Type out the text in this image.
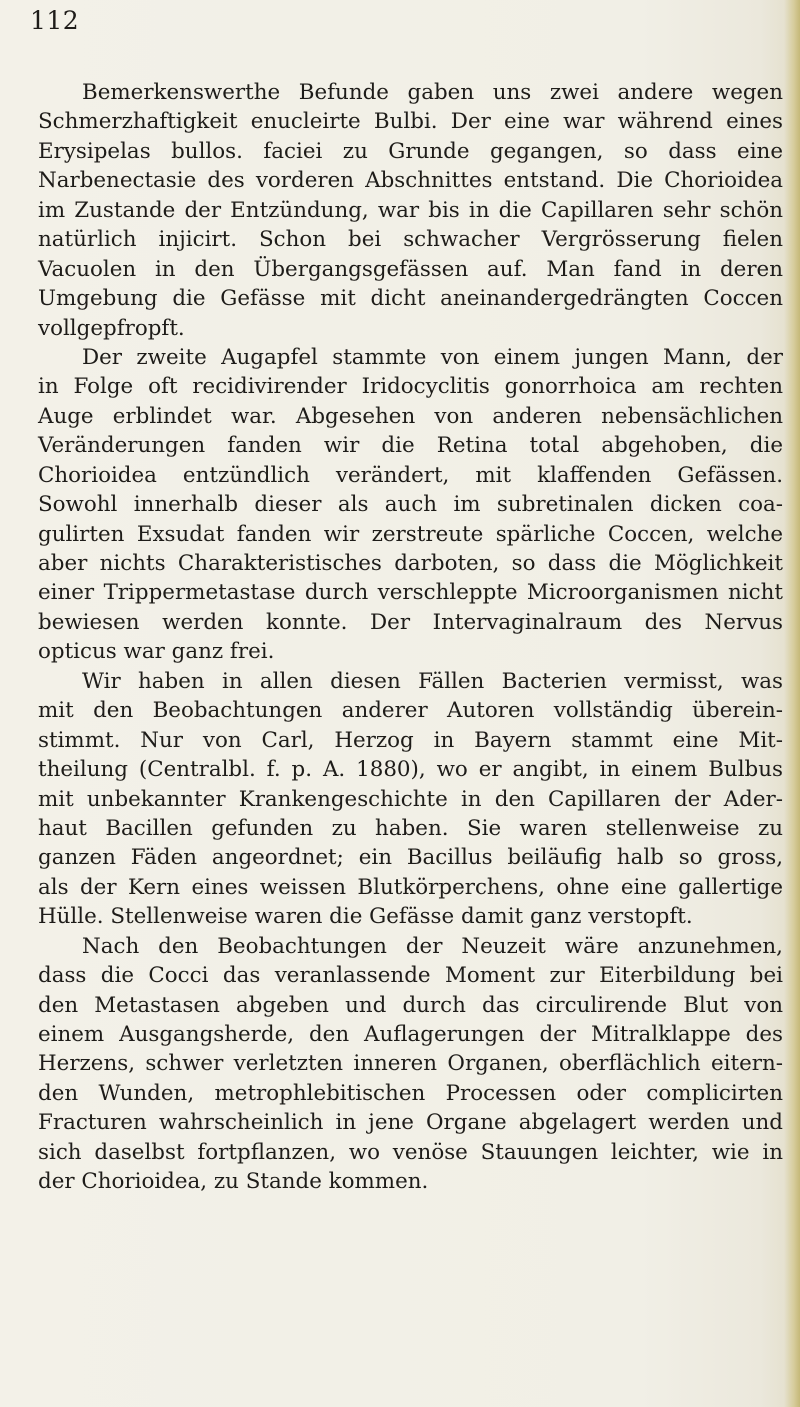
112

Bemerkenswerthe Befunde gaben uns zwei andere wegen
Schmerzhaftigkeit enucleirte Bulbi. Der eine war während eines
Erysipelas bullos. faciei zu Grunde gegangen, so dass eine
Narbenectasie des vorderen Abschnittes entstand. Die Chorioidea
im Zustande der Entzündung, war bis in die Capillaren sehr schön
natürlich injicirt. Schon bei schwacher Vergrösserung fielen
Vacuolen in den Übergangsgefässen auf. Man fand in deren
Umgebung die Gefässe mit dicht aneinandergedrängten Coccen
vollgepfropft.
Der zweite Augapfel stammte von einem jungen Mann, der
in Folge oft recidivirender Iridocyclitis gonorrhoica am rechten
Auge erblindet war. Abgesehen von anderen nebensächlichen
Veränderungen fanden wir die Retina total abgehoben, die
Chorioidea entzündlich verändert, mit klaffenden Gefässen.
Sowohl innerhalb dieser als auch im subretinalen dicken coa-
gulirten Exsudat fanden wir zerstreute spärliche Coccen, welche
aber nichts Charakteristisches darboten, so dass die Möglichkeit
einer Trippermetastase durch verschleppte Microorganismen nicht
bewiesen werden konnte. Der Intervaginalraum des Nervus
opticus war ganz frei.
Wir haben in allen diesen Fällen Bacterien vermisst, was
mit den Beobachtungen anderer Autoren vollständig überein-
stimmt. Nur von Carl, Herzog in Bayern stammt eine Mit-
theilung (Centralbl. f. p. A. 1880), wo er angibt, in einem Bulbus
mit unbekannter Krankengeschichte in den Capillaren der Ader-
haut Bacillen gefunden zu haben. Sie waren stellenweise zu
ganzen Fäden angeordnet; ein Bacillus beiläufig halb so gross,
als der Kern eines weissen Blutkörperchens, ohne eine gallertige
Hülle. Stellenweise waren die Gefässe damit ganz verstopft.
Nach den Beobachtungen der Neuzeit wäre anzunehmen,
dass die Cocci das veranlassende Moment zur Eiterbildung bei
den Metastasen abgeben und durch das circulirende Blut von
einem Ausgangsherde, den Auflagerungen der Mitralklappe des
Herzens, schwer verletzten inneren Organen, oberflächlich eitern-
den Wunden, metrophlebitischen Processen oder complicirten
Fracturen wahrscheinlich in jene Organe abgelagert werden und
sich daselbst fortpflanzen, wo venöse Stauungen leichter, wie in
der Chorioidea, zu Stande kommen.
